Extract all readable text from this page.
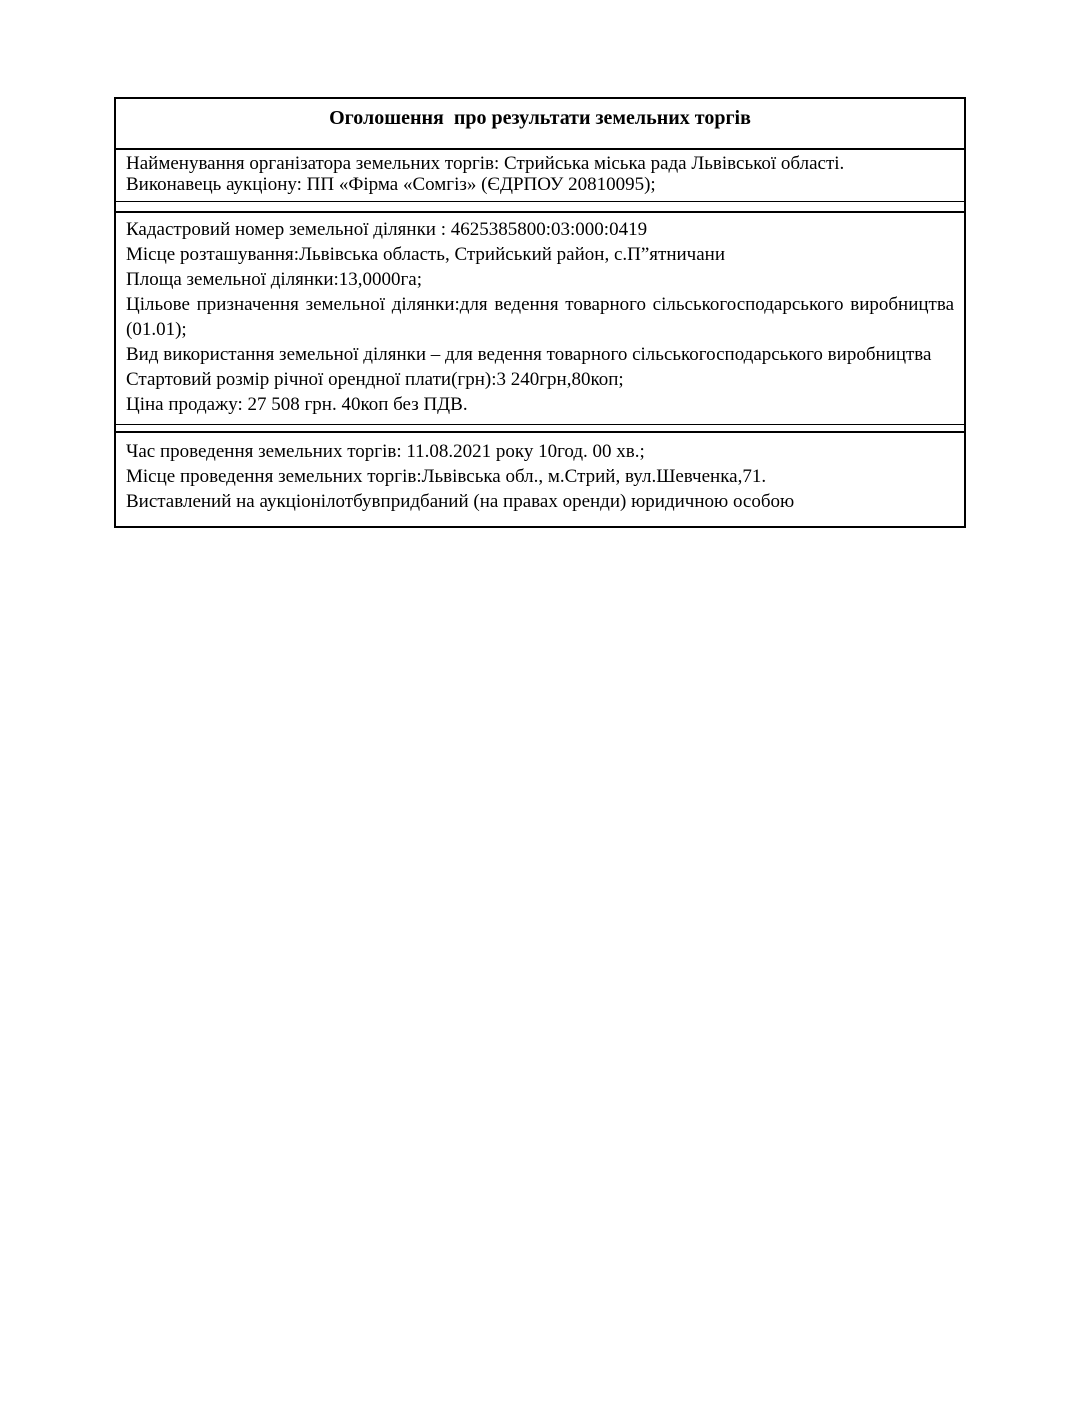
Оголошення  про результати земельних торгів

Найменування організатора земельних торгів: Стрийська міська рада Львівської області.

Виконавець аукціону: ПП «Фірма «Сомгіз» (ЄДРПОУ 20810095);

Кадастровий номер земельної ділянки : 4625385800:03:000:0419

Місце розташування:Львівська область, Стрийський район, с.П”ятничани

Площа земельної ділянки:13,0000га;

Цільове призначення земельної ділянки:для ведення товарного сільськогосподарського виробництва (01.01);

Вид використання земельної ділянки – для ведення товарного сільськогосподарського виробництва

Стартовий розмір річної орендної плати(грн):3 240грн,80коп;

Ціна продажу: 27 508 грн. 40коп без ПДВ.

Час проведення земельних торгів: 11.08.2021 року 10год. 00 хв.;

Місце проведення земельних торгів:Львівська обл., м.Стрий, вул.Шевченка,71.

Виставлений на аукціонілотбувпридбаний (на правах оренди) юридичною особою
